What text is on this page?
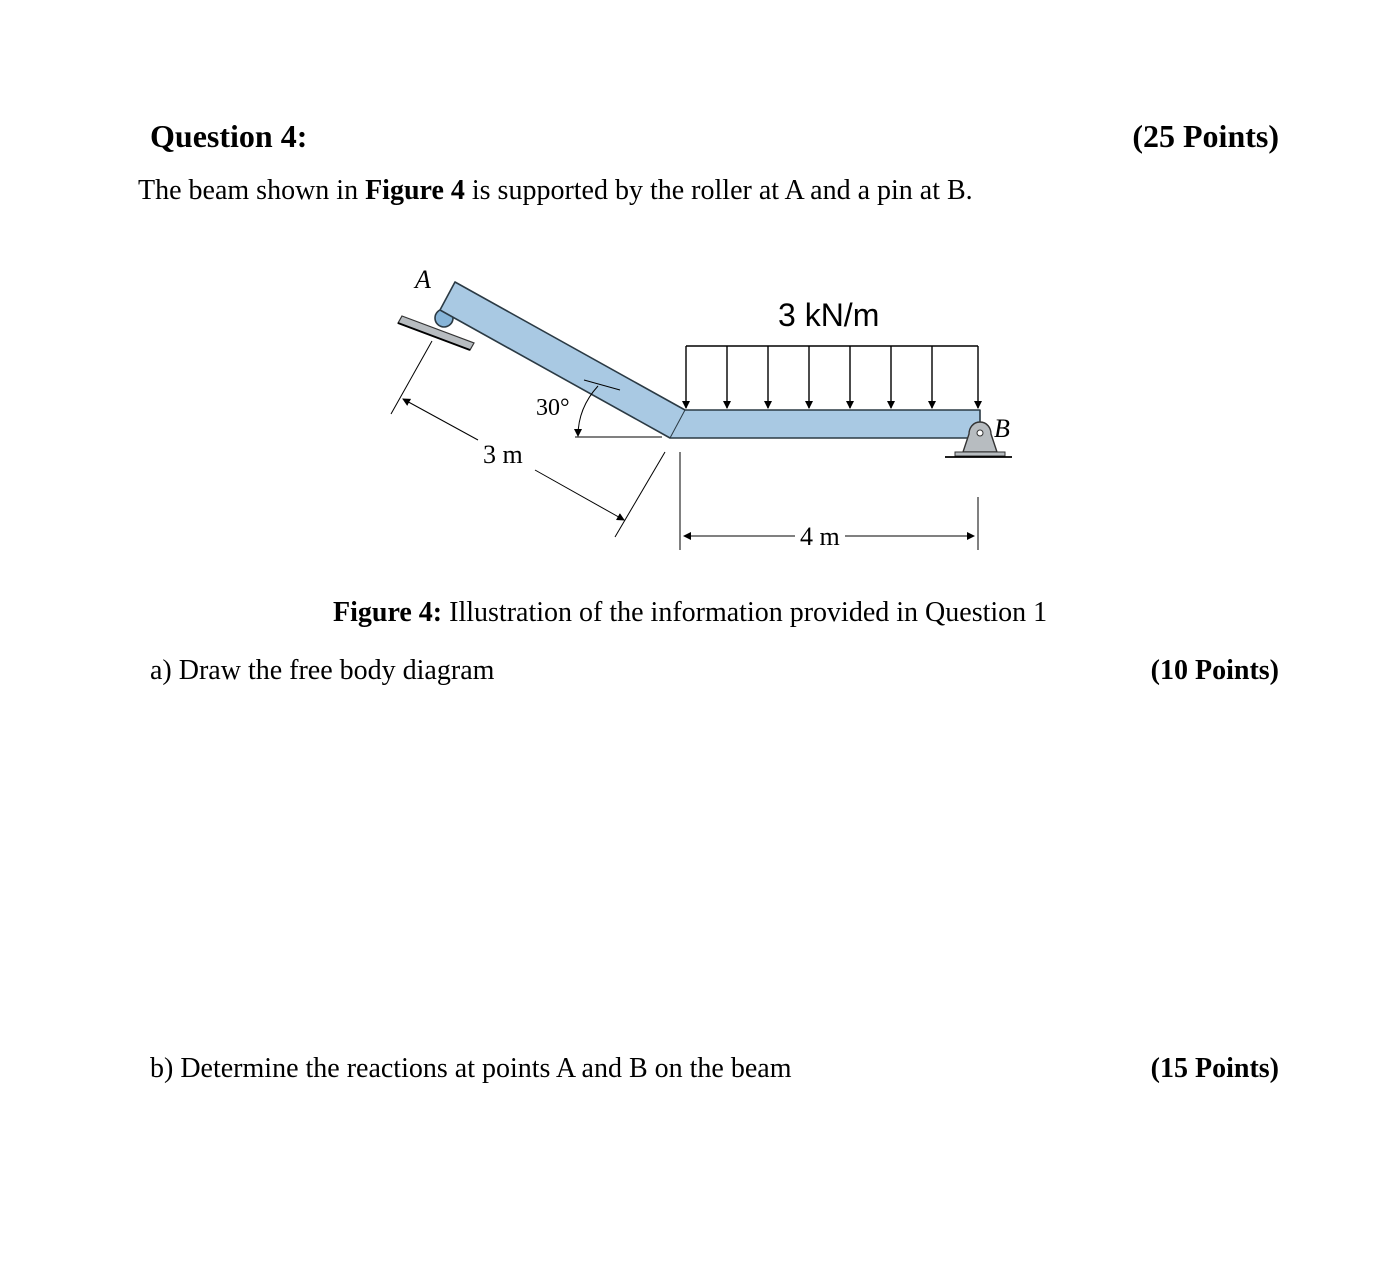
Question 4:	(25 Points)
The beam shown in Figure 4 is supported by the roller at A and a pin at B.
A
B
3 kN/m
30°
3 m
4 m
Figure 4: Illustration of the information provided in Question 1
a) Draw the free body diagram	(10 Points)
b) Determine the reactions at points A and B on the beam	(15 Points)
